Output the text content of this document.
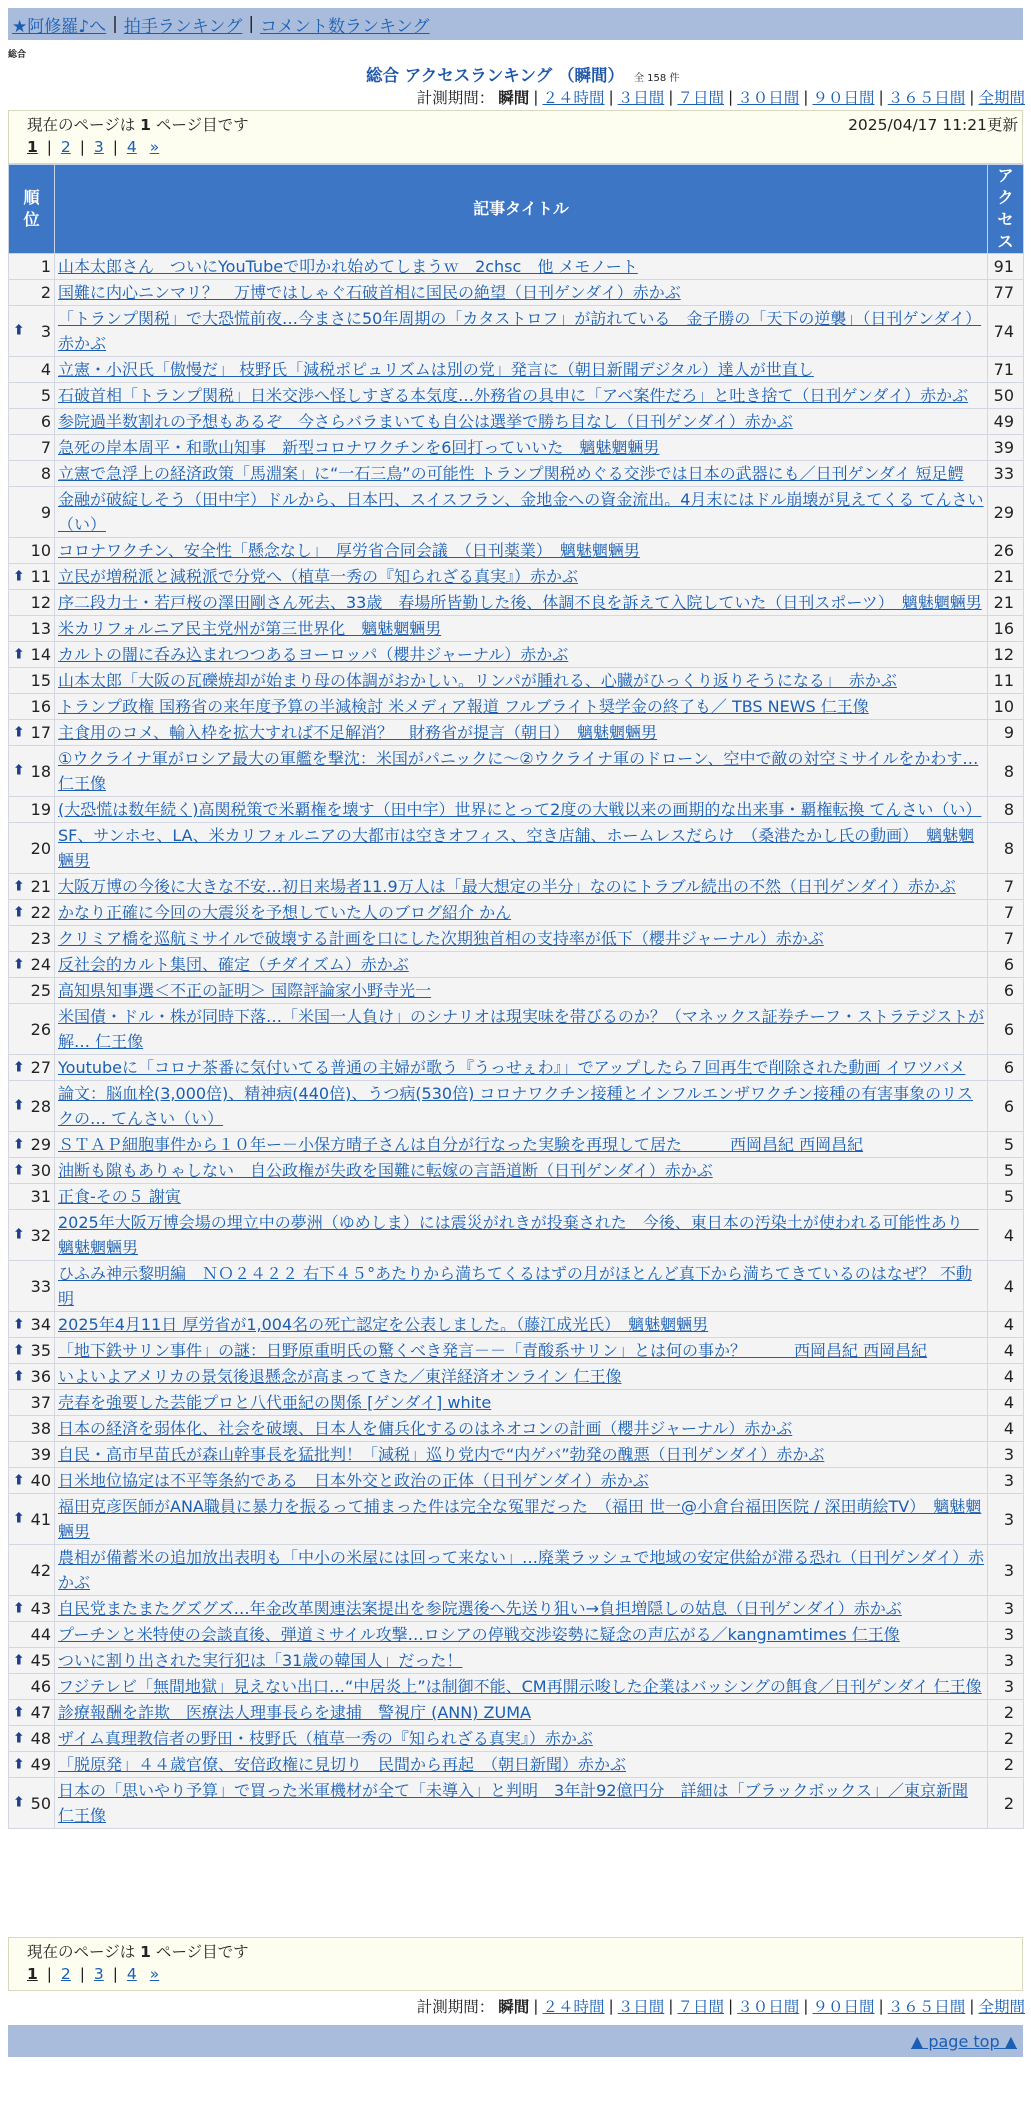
★阿修羅♪へ | 拍手ランキング | コメント数ランキング
総合
総合 アクセスランキング （瞬間） 全 158 件
計測期間： 瞬間 | ２４時間 | ３日間 | ７日間 | ３０日間 | ９０日間 | ３６５日間 | 全期間
現在のページは 1 ページ目です	2025/04/17 11:21更新
1 | 2 | 3 | 4 »
順位	記事タイトル	アクセス
1	山本太郎さん　ついにYouTubeで叩かれ始めてしまうｗ　2chsc　他 メモノート	91
2	国難に内心ニンマリ？　万博ではしゃぐ石破首相に国民の絶望（日刊ゲンダイ）赤かぶ	77

⬆ 3	「トランプ関税」で大恐慌前夜…今まさに50年周期の「カタストロフ」が訪れている　金子勝の「天下の逆襲」（日刊ゲンダイ）赤かぶ	74
4	立憲・小沢氏「傲慢だ」 枝野氏「減税ポピュリズムは別の党」発言に（朝日新聞デジタル）達人が世直し	71
5	石破首相「トランプ関税」日米交渉へ怪しすぎる本気度…外務省の具申に「アベ案件だろ」と吐き捨て（日刊ゲンダイ）赤かぶ	50
6	参院過半数割れの予想もあるぞ　今さらバラまいても自公は選挙で勝ち目なし（日刊ゲンダイ）赤かぶ	49
7	急死の岸本周平・和歌山知事　新型コロナワクチンを6回打っていいた　魑魅魍魎男	39
8	立憲で急浮上の経済政策「馬淵案」に“一石三鳥”の可能性 トランプ関税めぐる交渉では日本の武器にも／日刊ゲンダイ 短足鰐	33
9	金融が破綻しそう（田中宇）ドルから、日本円、スイスフラン、金地金への資金流出。4月末にはドル崩壊が見えてくる てんさい（い）	29
10	コロナワクチン、安全性「懸念なし」　厚労省合同会議　（日刊薬業）　魑魅魍魎男	26

⬆ 11	立民が増税派と減税派で分党へ（植草一秀の『知られざる真実』）赤かぶ	21
12	序二段力士・若戸桜の澤田剛さん死去、33歳　春場所皆勤した後、体調不良を訴えて入院していた（日刊スポーツ）　魑魅魍魎男	21
13	米カリフォルニア民主党州が第三世界化　魑魅魍魎男	16

⬆ 14	カルトの闇に呑み込まれつつあるヨーロッパ（櫻井ジャーナル）赤かぶ	12
15	山本太郎「大阪の瓦礫焼却が始まり母の体調がおかしい。リンパが腫れる、心臓がひっくり返りそうになる」　赤かぶ	11
16	トランプ政権 国務省の来年度予算の半減検討 米メディア報道 フルブライト奨学金の終了も／ TBS NEWS 仁王像	10

⬆ 17	主食用のコメ、輸入枠を拡大すれば不足解消？　財務省が提言（朝日）　魑魅魍魎男	9

⬆ 18	①ウクライナ軍がロシア最大の軍艦を撃沈：米国がパニックに～②ウクライナ軍のドローン、空中で敵の対空ミサイルをかわす… 仁王像	8
19	(大恐慌は数年続く)高関税策で米覇権を壊す（田中宇）世界にとって2度の大戦以来の画期的な出来事・覇権転換 てんさい（い）	8
20	SF、サンホセ、LA、米カリフォルニアの大都市は空きオフィス、空き店舗、ホームレスだらけ　（桑港たかし氏の動画）　魑魅魍魎男	8

⬆ 21	大阪万博の今後に大きな不安…初日来場者11.9万人は「最大想定の半分」なのにトラブル続出の不然（日刊ゲンダイ）赤かぶ	7

⬆ 22	かなり正確に今回の大震災を予想していた人のブログ紹介 かん	7
23	クリミア橋を巡航ミサイルで破壊する計画を口にした次期独首相の支持率が低下（櫻井ジャーナル）赤かぶ	7

⬆ 24	反社会的カルト集団、確定（チダイズム）赤かぶ	6
25	高知県知事選＜不正の証明＞ 国際評論家小野寺光一	6
26	米国債・ドル・株が同時下落…「米国一人負け」のシナリオは現実味を帯びるのか？（マネックス証券チーフ・ストラテジストが解… 仁王像	6

⬆ 27	Youtubeに「コロナ茶番に気付いてる普通の主婦が歌う『うっせぇわ』」でアップしたら７回再生で削除された動画 イワツバメ	6

⬆ 28	論文：脳血栓(3,000倍)、精神病(440倍)、うつ病(530倍) コロナワクチン接種とインフルエンザワクチン接種の有害事象のリスクの… てんさい（い）	6

⬆ 29	ＳＴＡＰ細胞事件から１０年ー－小保方晴子さんは自分が行なった実験を再現して居た　　　西岡昌紀 西岡昌紀	5

⬆ 30	油断も隙もありゃしない　自公政権が失政を国難に転嫁の言語道断（日刊ゲンダイ）赤かぶ	5
31	正食-その５ 謝寅	5

⬆ 32	2025年大阪万博会場の埋立中の夢洲（ゆめしま）には震災がれきが投棄された　今後、東日本の汚染土が使われる可能性あり　魑魅魍魎男	4
33	ひふみ神示黎明編　ＮＯ２４２２ 右下４５°あたりから満ちてくるはずの月がほとんど真下から満ちてきているのはなぜ？ 不動明	4

⬆ 34	2025年4月11日 厚労省が1,004名の死亡認定を公表しました。（藤江成光氏）　魑魅魍魎男	4

⬆ 35	「地下鉄サリン事件」の謎：日野原重明氏の驚くべき発言－－「青酸系サリン」とは何の事か？　　　西岡昌紀 西岡昌紀	4

⬆ 36	いよいよアメリカの景気後退懸念が高まってきた／東洋経済オンライン 仁王像	4
37	売春を強要した芸能プロと八代亜紀の関係 [ゲンダイ] white	4
38	日本の経済を弱体化、社会を破壊、日本人を傭兵化するのはネオコンの計画（櫻井ジャーナル）赤かぶ	4
39	自民・高市早苗氏が森山幹事長を猛批判！「減税」巡り党内で“内ゲバ”勃発の醜悪（日刊ゲンダイ）赤かぶ	3

⬆ 40	日米地位協定は不平等条約である　日本外交と政治の正体（日刊ゲンダイ）赤かぶ	3

⬆ 41	福田克彦医師がANA職員に暴力を振るって捕まった件は完全な冤罪だった　（福田 世一@小倉台福田医院 / 深田萌絵TV）　魑魅魍魎男	3
42	農相が備蓄米の追加放出表明も「中小の米屋には回って来ない」…廃業ラッシュで地域の安定供給が滞る恐れ（日刊ゲンダイ）赤かぶ	3

⬆ 43	自民党またまたグズグズ…年金改革関連法案提出を参院選後へ先送り狙い→負担増隠しの姑息（日刊ゲンダイ）赤かぶ	3
44	プーチンと米特使の会談直後、弾道ミサイル攻撃…ロシアの停戦交渉姿勢に疑念の声広がる／kangnamtimes 仁王像	3

⬆ 45	ついに割り出された実行犯は「31歳の韓国人」だった！	3
46	フジテレビ「無間地獄」見えない出口…“中居炎上”は制御不能、CM再開示唆した企業はバッシングの餌食／日刊ゲンダイ 仁王像	3

⬆ 47	診療報酬を詐欺　医療法人理事長らを逮捕　警視庁 (ANN) ZUMA	2

⬆ 48	ザイム真理教信者の野田・枝野氏（植草一秀の『知られざる真実』）赤かぶ	2

⬆ 49	「脱原発」４４歳官僚、安倍政権に見切り　民間から再起　（朝日新聞）赤かぶ	2

⬆ 50	日本の「思いやり予算」で買った米軍機材が全て「未導入」と判明　3年計92億円分　詳細は「ブラックボックス」／東京新聞 仁王像	2
計測期間： 瞬間 | ２４時間 | ３日間 | ７日間 | ３０日間 | ９０日間 | ３６５日間 | 全期間
現在のページは 1 ページ目です
1 | 2 | 3 | 4 »
▲ page top ▲
